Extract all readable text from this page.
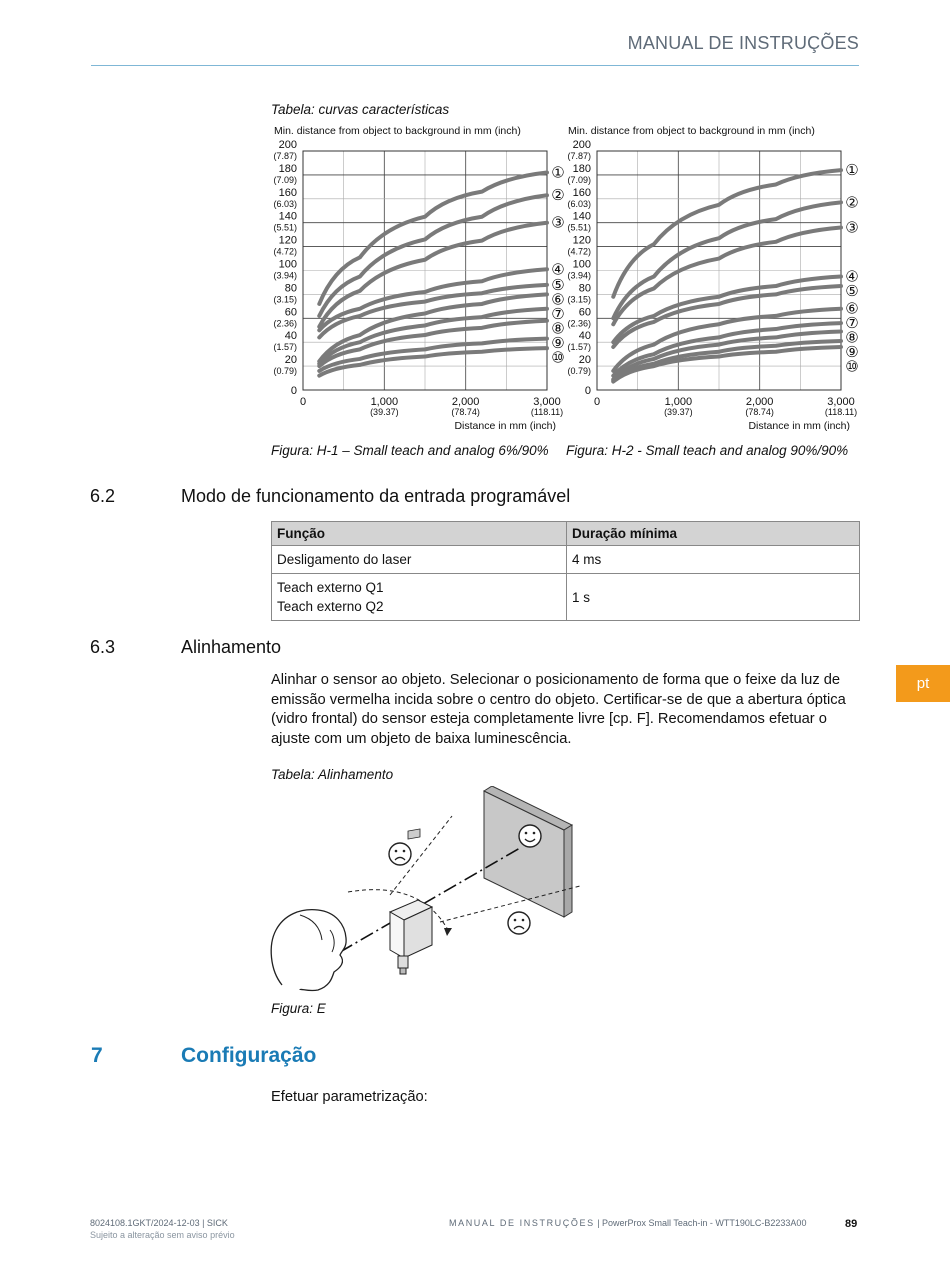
MANUAL DE INSTRUÇÕES
Tabela: curvas características
Min. distance from object to background in mm (inch)
0
20
(0.79)
40
(1.57)
60
(2.36)
80
(3.15)
100
(3.94)
120
(4.72)
140
(5.51)
160
(6.03)
180
(7.09)
200
(7.87)
0	1,000
(39.37)
2,000
(78.74)
3,000
(118.11)
Distance in mm (inch)
①
②
③
④
⑤
⑥
⑦
⑧
⑨
⑩
Min. distance from object to background in mm (inch)
0
20
(0.79)
40
(1.57)
60
(2.36)
80
(3.15)
100
(3.94)
120
(4.72)
140
(5.51)
160
(6.03)
180
(7.09)
200
(7.87)
0	1,000
(39.37)
2,000
(78.74)
3,000
(118.11)
Distance in mm (inch)
①
②
③
④
⑤
⑥
⑦
⑧
⑨
⑩
Figura: H-1 – Small teach and analog 6%/90% Figura: H-2 - Small teach and analog 90%/90%
6.2	Modo de funcionamento da entrada programável
Função	Duração mínima
Desligamento do laser	4 ms

Teach externo Q1
Teach externo Q2	1 s
6.3	Alinhamento
Alinhar o sensor ao objeto. Selecionar o posicionamento de forma que o feixe da luz de emissão vermelha incida sobre o centro do objeto. Certificar-se de que a abertura óptica (vidro frontal) do sensor esteja completamente livre [cp. F]. Recomendamos efetuar o ajuste com um objeto de baixa luminescência.
pt
Tabela: Alinhamento
Figura: E
7	Configuração
Efetuar parametrização:
8024108.1GKT/2024-12-03 | SICK
Sujeito a alteração sem aviso prévio
MANUAL DE INSTRUÇÕES | PowerProx Small Teach-in - WTT190LC-B2233A00	89
